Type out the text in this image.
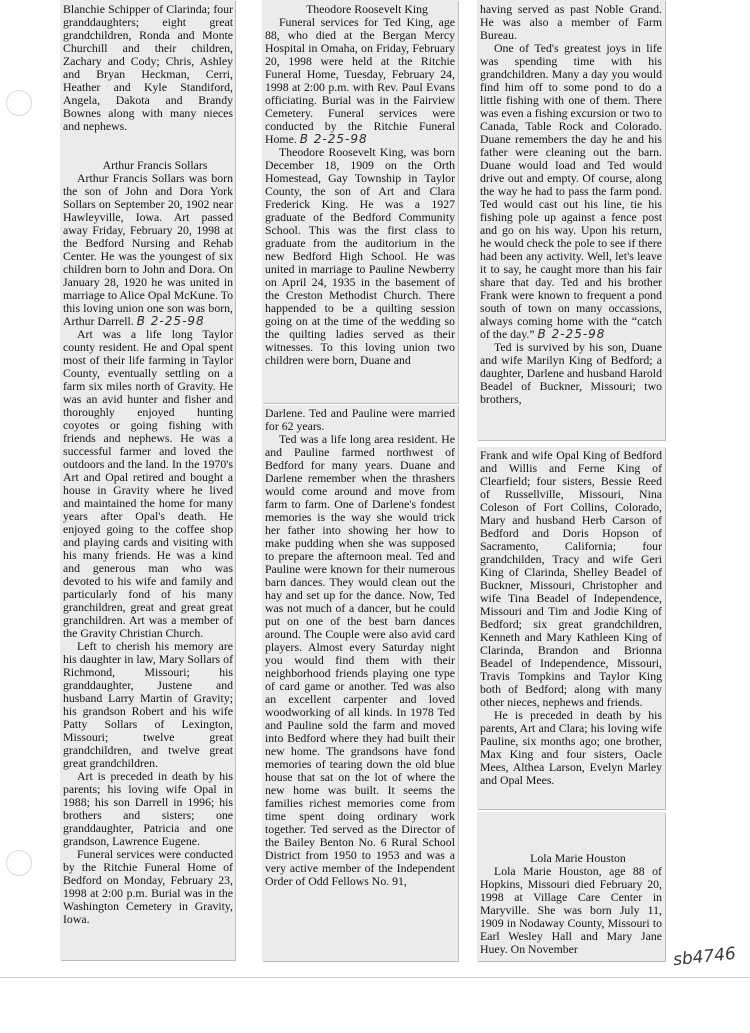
Blanchie Schipper of Clarinda; four granddaughters; eight great grandchildren, Ronda and Monte Churchill and their children, Zachary and Cody; Chris, Ashley and Bryan Heckman, Cerri, Heather and Kyle Standiford, Angela, Dakota and Brandy Bownes along with many nieces and nephews.

Arthur Francis Sollars

Arthur Francis Sollars was born the son of John and Dora York Sollars on September 20, 1902 near Hawleyville, Iowa. Art passed away Friday, February 20, 1998 at the Bedford Nursing and Rehab Center. He was the youngest of six children born to John and Dora. On January 28, 1920 he was united in marriage to Alice Opal McKune. To this loving union one son was born, Arthur Darrell. B 2-25-98

Art was a life long Taylor county resident. He and Opal spent most of their life farming in Taylor County, eventually settling on a farm six miles north of Gravity. He was an avid hunter and fisher and thoroughly enjoyed hunting coyotes or going fishing with friends and nephews. He was a successful farmer and loved the outdoors and the land. In the 1970's Art and Opal retired and bought a house in Gravity where he lived and maintained the home for many years after Opal's death. He enjoyed going to the coffee shop and playing cards and visiting with his many friends. He was a kind and generous man who was devoted to his wife and family and particularly fond of his many granchildren, great and great great granchildren. Art was a member of the Gravity Christian Church.

Left to cherish his memory are his daughter in law, Mary Sollars of Richmond, Missouri; his granddaughter, Justene and husband Larry Martin of Gravity; his grandson Robert and his wife Patty Sollars of Lexington, Missouri; twelve great grandchildren, and twelve great great grandchildren.

Art is preceded in death by his parents; his loving wife Opal in 1988; his son Darrell in 1996; his brothers and sisters; one granddaughter, Patricia and one grandson, Lawrence Eugene.

Funeral services were conducted by the Ritchie Funeral Home of Bedford on Monday, February 23, 1998 at 2:00 p.m. Burial was in the Washington Cemetery in Gravity, Iowa.

Theodore Roosevelt King

Funeral services for Ted King, age 88, who died at the Bergan Mercy Hospital in Omaha, on Friday, February 20, 1998 were held at the Ritchie Funeral Home, Tuesday, February 24, 1998 at 2:00 p.m. with Rev. Paul Evans officiating. Burial was in the Fairview Cemetery. Funeral services were conducted by the Ritchie Funeral Home. B 2-25-98

Theodore Roosevelt King, was born December 18, 1909 on the Orth Homestead, Gay Township in Taylor County, the son of Art and Clara Frederick King. He was a 1927 graduate of the Bedford Community School. This was the first class to graduate from the auditorium in the new Bedford High School. He was united in marriage to Pauline Newberry on April 24, 1935 in the basement of the Creston Methodist Church. There happended to be a quilting session going on at the time of the wedding so the quilting ladies served as their witnesses. To this loving union two children were born, Duane and

Darlene. Ted and Pauline were married for 62 years.

Ted was a life long area resident. He and Pauline farmed northwest of Bedford for many years. Duane and Darlene remember when the thrashers would come around and move from farm to farm. One of Darlene's fondest memories is the way she would trick her father into showing her how to make pudding when she was supposed to prepare the afternoon meal. Ted and Pauline were known for their numerous barn dances. They would clean out the hay and set up for the dance. Now, Ted was not much of a dancer, but he could put on one of the best barn dances around. The Couple were also avid card players. Almost every Saturday night you would find them with their neighborhood friends playing one type of card game or another. Ted was also an excellent carpenter and loved woodworking of all kinds. In 1978 Ted and Pauline sold the farm and moved into Bedford where they had built their new home. The grandsons have fond memories of tearing down the old blue house that sat on the lot of where the new home was built. It seems the families richest memories come from time spent doing ordinary work together. Ted served as the Director of the Bailey Benton No. 6 Rural School District from 1950 to 1953 and was a very active member of the Independent Order of Odd Fellows No. 91,

having served as past Noble Grand. He was also a member of Farm Bureau.

One of Ted's greatest joys in life was spending time with his grandchildren. Many a day you would find him off to some pond to do a little fishing with one of them. There was even a fishing excursion or two to Canada, Table Rock and Colorado. Duane remembers the day he and his father were cleaning out the barn. Duane would load and Ted would drive out and empty. Of course, along the way he had to pass the farm pond. Ted would cast out his line, tie his fishing pole up against a fence post and go on his way. Upon his return, he would check the pole to see if there had been any activity. Well, let's leave it to say, he caught more than his fair share that day. Ted and his brother Frank were known to frequent a pond south of town on many occassions, always coming home with the “catch of the day.” B 2-25-98

Ted is survived by his son, Duane and wife Marilyn King of Bedford; a daughter, Darlene and husband Harold Beadel of Buckner, Missouri; two brothers,

Frank and wife Opal King of Bedford and Willis and Ferne King of Clearfield; four sisters, Bessie Reed of Russellville, Missouri, Nina Coleson of Fort Collins, Colorado, Mary and husband Herb Carson of Bedford and Doris Hopson of Sacramento, California; four grandchilden, Tracy and wife Geri King of Clarinda, Shelley Beadel of Buckner, Missouri, Christopher and wife Tina Beadel of Independence, Missouri and Tim and Jodie King of Bedford; six great grandchildren, Kenneth and Mary Kathleen King of Clarinda, Brandon and Brionna Beadel of Independence, Missouri, Travis Tompkins and Taylor King both of Bedford; along with many other nieces, nephews and friends.

He is preceded in death by his parents, Art and Clara; his loving wife Pauline, six months ago; one brother, Max King and four sisters, Oacle Mees, Althea Larson, Evelyn Marley and Opal Mees.

Lola Marie Houston

Lola Marie Houston, age 88 of Hopkins, Missouri died February 20, 1998 at Village Care Center in Maryville. She was born July 11, 1909 in Nodaway County, Missouri to Earl Wesley Hall and Mary Jane Huey. On November	sb4746
